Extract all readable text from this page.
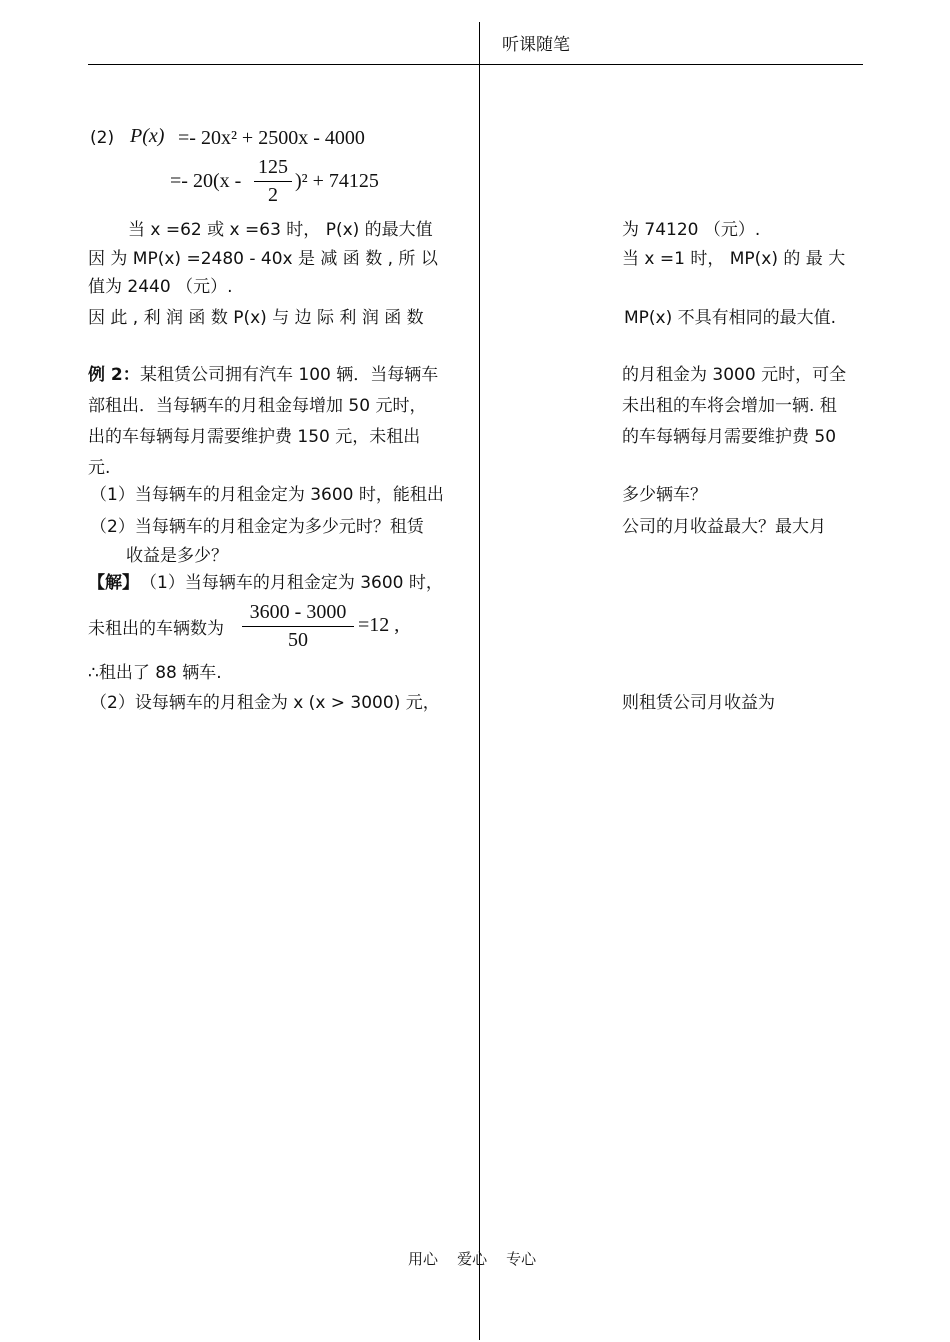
听课随笔
(2) P(x) =- 20x² + 2500x - 4000
=- 20(x -
125
2
)² + 74125
当 x =62 或 x =63 时， P(x) 的最大值	为 74120 （元）.
因 为 MP(x) =2480 - 40x 是 减 函 数 , 所 以	当 x =1 时， MP(x) 的 最 大
值为 2440 （元）.
因 此 , 利 润 函 数 P(x) 与 边 际 利 润 函 数	MP(x) 不具有相同的最大值.
例 2： 某租赁公司拥有汽车 100 辆．当每辆车	的月租金为 3000 元时，可全
部租出．当每辆车的月租金每增加 50 元时，	未出租的车将会增加一辆. 租
出的车每辆每月需要维护费 150 元，未租出	的车每辆每月需要维护费 50
元.
（1）当每辆车的月租金定为 3600 时，能租出	多少辆车？
（2）当每辆车的月租金定为多少元时？租赁	公司的月收益最大？最大月
收益是多少？
【解】 （1）当每辆车的月租金定为 3600 时，
未租出的车辆数为
3600 - 3000
50
=12 ,
∴租出了 88 辆车.
（2）设每辆车的月租金为 x (x > 3000) 元，	则租赁公司月收益为
用心    爱心    专心
